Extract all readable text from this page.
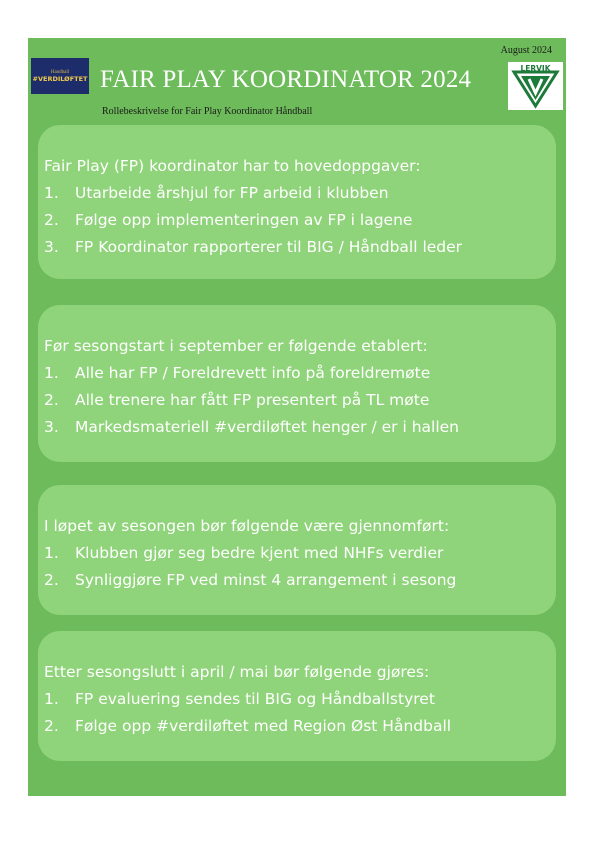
August 2024
Handball
#VERDILØFTET FAIR PLAY KOORDINATOR 2024
Rollebeskrivelse for Fair Play Koordinator Håndball
LERVIK

Fair Play (FP) koordinator har to hovedoppgaver:

1.	Utarbeide årshjul for FP arbeid i klubben
2.	Følge opp implementeringen av FP i lagene
3.	FP Koordinator rapporterer til BIG / Håndball leder

Før sesongstart i september er følgende etablert:

1.	Alle har FP / Foreldrevett info på foreldremøte
2.	Alle trenere har fått FP presentert på TL møte
3.	Markedsmateriell #verdiløftet henger / er i hallen

I løpet av sesongen bør følgende være gjennomført:

1.	Klubben gjør seg bedre kjent med NHFs verdier
2.	Synliggjøre FP ved minst 4 arrangement i sesong

Etter sesongslutt i april / mai bør følgende gjøres:

1.	FP evaluering sendes til BIG og Håndballstyret
2.	Følge opp #verdiløftet med Region Øst Håndball
